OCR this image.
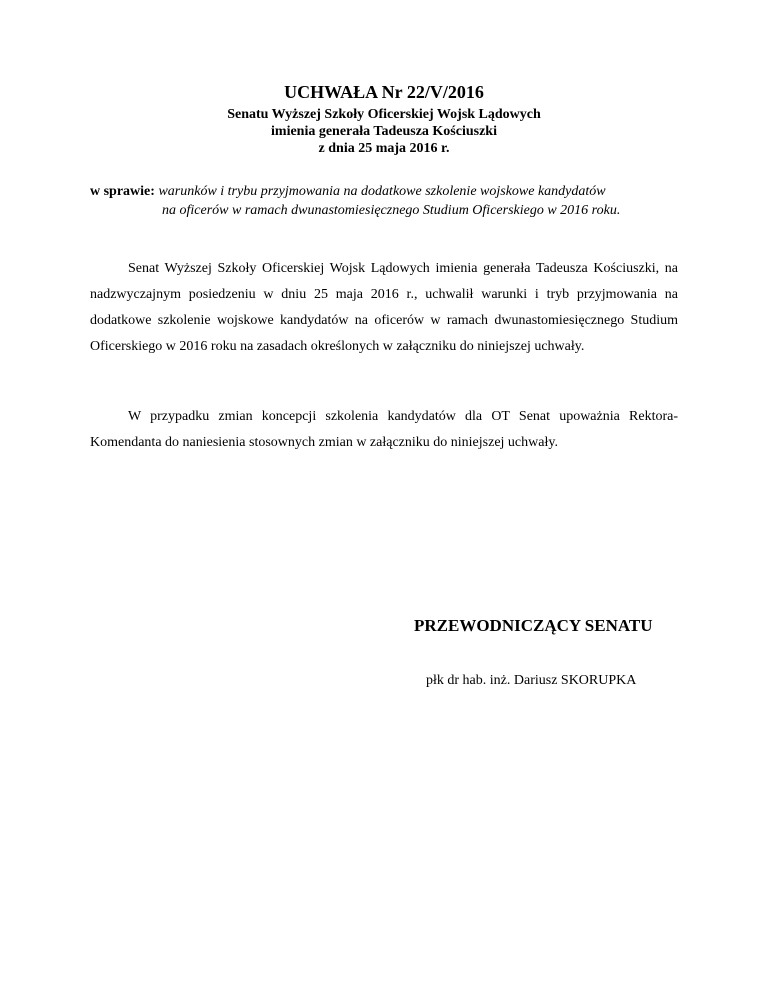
UCHWAŁA Nr 22/V/2016
Senatu Wyższej Szkoły Oficerskiej Wojsk Lądowych
imienia generała Tadeusza Kościuszki
z dnia 25 maja 2016 r.
w sprawie: warunków i trybu przyjmowania na dodatkowe szkolenie wojskowe kandydatów
na oficerów w ramach dwunastomiesięcznego Studium Oficerskiego w 2016 roku.
Senat Wyższej Szkoły Oficerskiej Wojsk Lądowych imienia generała Tadeusza Kościuszki, na nadzwyczajnym posiedzeniu w dniu 25 maja 2016 r., uchwalił warunki i tryb przyjmowania na dodatkowe szkolenie wojskowe kandydatów na oficerów w ramach dwunastomiesięcznego Studium Oficerskiego w 2016 roku na zasadach określonych w załączniku do niniejszej uchwały.
W przypadku zmian koncepcji szkolenia kandydatów dla OT Senat upoważnia Rektora-Komendanta do naniesienia stosownych zmian w załączniku do niniejszej uchwały.
PRZEWODNICZĄCY SENATU
płk dr hab. inż. Dariusz SKORUPKA
